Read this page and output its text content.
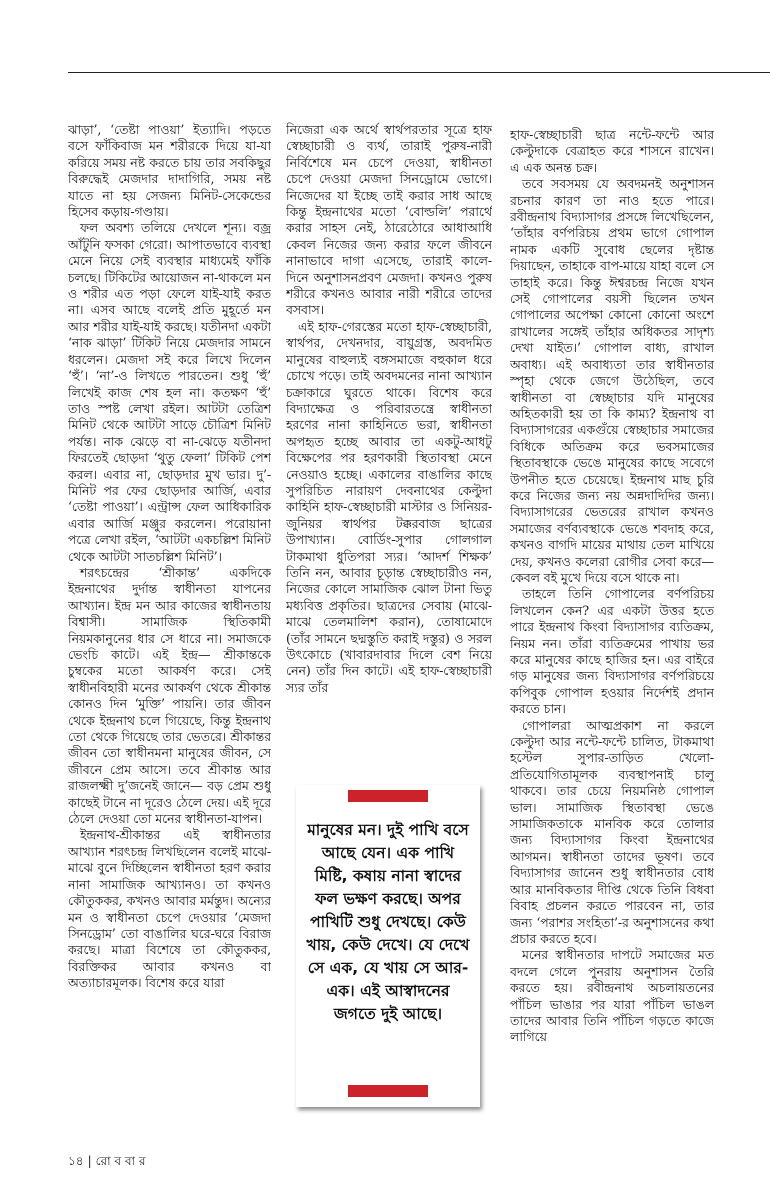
ঝাড়া’, ‘তেষ্টা পাওয়া’ ইত্যাদি। পড়তে বসে ফাঁকিবাজ মন শরীরকে দিয়ে যা-যা করিয়ে সময় নষ্ট করতে চায় তার সবকিছুর বিরুদ্ধেই মেজদার দাদাগিরি, সময় নষ্ট যাতে না হয় সেজন্য মিনিট-সেকেন্ডের হিসেব কড়ায়-গণ্ডায়।

ফল অবশ্য তলিয়ে দেখলে শূন্য। বজ্র আঁটুনি ফসকা গেরো। আপাতভাবে ব্যবস্থা মেনে নিয়ে সেই ব্যবস্থার মাধ্যমেই ফাঁকি চলছে। টিকিটের আয়োজন না-থাকলে মন ও শরীর এত পড়া ফেলে যাই-যাই করত না। এসব আছে বলেই প্রতি মুহূর্তে মন আর শরীর যাই-যাই করছে। যতীনদা একটা ‘নাক ঝাড়া’ টিকিট নিয়ে মেজদার সামনে ধরলেন। মেজদা সই করে লিখে দিলেন ‘হুঁ’। ‘না’-ও লিখতে পারতেন। শুধু ‘হুঁ’ লিখেই কাজ শেষ হল না। কতক্ষণ ‘হুঁ’ তাও স্পষ্ট লেখা রইল। আটটা তেত্রিশ মিনিট থেকে আটটা সাড়ে চৌত্রিশ মিনিট পর্যন্ত। নাক ঝেড়ে বা না-ঝেড়ে যতীনদা ফিরতেই ছোড়দা ‘থুতু ফেলা’ টিকিট পেশ করল। এবার না, ছোড়দার মুখ ভার। দু’-মিনিট পর ফের ছোড়দার আর্জি, এবার ‘তেষ্টা পাওয়া’। এন্ট্রান্স ফেল আধিকারিক এবার আর্জি মঞ্জুর করলেন। পরোয়ানা পত্রে লেখা রইল, ‘আটটা একচল্লিশ মিনিট থেকে আটটা সাতচল্লিশ মিনিট’।

শরৎচন্দ্রের ‘শ্রীকান্ত’ একদিকে ইন্দ্রনাথের দুর্দান্ত স্বাধীনতা যাপনের আখ্যান। ইন্দ্র মন আর কাজের স্বাধীনতায় বিশ্বাসী। সামাজিক স্থিতিকামী নিয়মকানুনের ধার সে ধারে না। সমাজকে ভেংচি কাটে। এই ইন্দ্র— শ্রীকান্তকে চুম্বকের মতো আকর্ষণ করে। সেই স্বাধীনবিহারী মনের আকর্ষণ থেকে শ্রীকান্ত কোনও দিন ‘মুক্তি’ পায়নি। তার জীবন থেকে ইন্দ্রনাথ চলে গিয়েছে, কিন্তু ইন্দ্রনাথ তো থেকে গিয়েছে তার ভেতরে। শ্রীকান্তর জীবন তো স্বাধীনমনা মানুষের জীবন, সে জীবনে প্রেম আসে। তবে শ্রীকান্ত আর রাজলক্ষ্মী দু’জনেই জানে— বড় প্রেম শুধু কাছেই টানে না দূরেও ঠেলে দেয়। এই দূরে ঠেলে দেওয়া তো মনের স্বাধীনতা-যাপন।

ইন্দ্রনাথ-শ্রীকান্তর এই স্বাধীনতার আখ্যান শরৎচন্দ্র লিখছিলেন বলেই মাঝে-মাঝে বুনে দিচ্ছিলেন স্বাধীনতা হরণ করার নানা সামাজিক আখ্যানও। তা কখনও কৌতুককর, কখনও আবার মর্মন্তুদ। অন্যের মন ও স্বাধীনতা চেপে দেওয়ার ‘মেজদা সিনড্রোম’ তো বাঙালির ঘরে-ঘরে বিরাজ করছে। মাত্রা বিশেষে তা কৌতুককর, বিরক্তিকর আবার কখনও বা অত্যাচারমূলক। বিশেষ করে যারা

নিজেরা এক অর্থে স্বার্থপরতার সূত্রে হাফ স্বেচ্ছাচারী ও ব্যর্থ, তারাই পুরুষ-নারী নির্বিশেষে মন চেপে দেওয়া, স্বাধীনতা চেপে দেওয়া মেজদা সিনড্রোমে ভোগে। নিজেদের যা ইচ্ছে তাই করার সাধ আছে কিন্তু ইন্দ্রনাথের মতো ‘বোল্ডলি’ পরার্থে করার সাহস নেই, ঠারেঠোরে আধাআধি কেবল নিজের জন্য করার ফলে জীবনে নানাভাবে দাগা এসেছে, তারাই কালে-দিনে অনুশাসনপ্রবণ মেজদা। কখনও পুরুষ শরীরে কখনও আবার নারী শরীরে তাদের বসবাস।

এই হাফ-গেরস্তের মতো হাফ-স্বেচ্ছাচারী, স্বার্থপর, দেখনদার, বায়ুগ্রস্ত, অবদমিত মানুষের বাহুল্যই বঙ্গসমাজে বহুকাল ধরে চোখে পড়ে। তাই অবদমনের নানা আখ্যান চক্রাকারে ঘুরতে থাকে। বিশেষ করে বিদ্যাক্ষেত্র ও পরিবারতন্ত্রে স্বাধীনতা হরণের নানা কাহিনিতে ভরা, স্বাধীনতা অপহৃত হচ্ছে আবার তা একটু-আধটু বিক্ষেপের পর হরণকারী স্থিতাবস্থা মেনে নেওয়াও হচ্ছে। একালের বাঙালির কাছে সুপরিচিত নারায়ণ দেবনাথের কেল্টুদা কাহিনি হাফ-স্বেচ্ছাচারী মাস্টার ও সিনিয়র-জুনিয়র স্বার্থপর টক্করবাজ ছাত্রের উপাখ্যান। বোর্ডিং-সুপার গোলগাল টাকমাথা ধুতিপরা স্যর। ‘আদর্শ শিক্ষক’ তিনি নন, আবার চূড়ান্ত স্বেচ্ছাচারীও নন, নিজের কোলে সামাজিক ঝোল টানা ভিতু মধ্যবিত্ত প্রকৃতির। ছাত্রদের সেবায় (মাঝে-মাঝে তেলমালিশ করান), তোষামোদে (তাঁর সামনে ছদ্মস্তুতি করাই দস্তুর) ও সরল উৎকোচে (খাবারদাবার দিলে বেশ নিয়ে নেন) তাঁর দিন কাটে। এই হাফ-স্বেচ্ছাচারী স্যর তাঁর

মানুষের মন। দুই পাখি বসে আছে যেন। এক পাখি মিষ্টি, কষায় নানা স্বাদের ফল ভক্ষণ করছে। অপর পাখিটি শুধু দেখছে। কেউ খায়, কেউ দেখে। যে দেখে সে এক, যে খায় সে আর-এক। এই আস্বাদনের জগতে দুই আছে।

হাফ-স্বেচ্ছাচারী ছাত্র নন্টে-ফন্টে আর কেল্টুদাকে বেত্রাহত করে শাসনে রাখেন। এ এক অনন্ত চক্র।

তবে সবসময় যে অবদমনই অনুশাসন রচনার কারণ তা নাও হতে পারে। রবীন্দ্রনাথ বিদ্যাসাগর প্রসঙ্গে লিখেছিলেন, ‘তাঁহার বর্ণপরিচয় প্রথম ভাগে গোপাল নামক একটি সুবোধ ছেলের দৃষ্টান্ত দিয়াছেন, তাহাকে বাপ-মায়ে যাহা বলে সে তাহাই করে। কিন্তু ঈশ্বরচন্দ্র নিজে যখন সেই গোপালের বয়সী ছিলেন তখন গোপালের অপেক্ষা কোনো কোনো অংশে রাখালের সঙ্গেই তাঁহার অধিকতর সাদৃশ্য দেখা যাইত।’ গোপাল বাধ্য, রাখাল অবাধ্য। এই অবাধ্যতা তার স্বাধীনতার স্পৃহা থেকে জেগে উঠেছিল, তবে স্বাধীনতা বা স্বেচ্ছাচার যদি মানুষের অহিতকারী হয় তা কি কাম্য? ইন্দ্রনাথ বা বিদ্যাসাগরের একগুঁয়ে স্বেচ্ছাচার সমাজের বিধিকে অতিক্রম করে ভবসমাজের স্থিতাবস্থাকে ভেঙে মানুষের কাছে সবেগে উপনীত হতে চেয়েছে। ইন্দ্রনাথ মাছ চুরি করে নিজের জন্য নয় অন্নদাদিদির জন্য। বিদ্যাসাগরের ভেতরের রাখাল কখনও সমাজের বর্ণব্যবস্থাকে ভেঙে শবদাহ করে, কখনও বাগদি মায়ের মাথায় তেল মাখিয়ে দেয়, কখনও কলেরা রোগীর সেবা করে— কেবল বই মুখে দিয়ে বসে থাকে না।

তাহলে তিনি গোপালের বর্ণপরিচয় লিখলেন কেন? এর একটা উত্তর হতে পারে ইন্দ্রনাথ কিংবা বিদ্যাসাগর ব্যতিক্রম, নিয়ম নন। তাঁরা ব্যতিক্রমের পাখায় ভর করে মানুষের কাছে হাজির হন। এর বাইরে গড় মানুষের জন্য বিদ্যাসাগর বর্ণপরিচয়ে কপিবুক গোপাল হওয়ার নির্দেশই প্রদান করতে চান।

গোপালরা আত্মপ্রকাশ না করলে কেল্টুদা আর নন্টে-ফন্টে চালিত, টাকমাথা হস্টেল সুপার-তাড়িত খেলো-প্রতিযোগিতামূলক ব্যবস্থাপনাই চালু থাকবে। তার চেয়ে নিয়মনিষ্ঠ গোপাল ভাল। সামাজিক স্থিতাবস্থা ভেঙে সামাজিকতাকে মানবিক করে তোলার জন্য বিদ্যাসাগর কিংবা ইন্দ্রনাথের আগমন। স্বাধীনতা তাদের ভূষণ। তবে বিদ্যাসাগর জানেন শুধু স্বাধীনতার বোধ আর মানবিকতার দীপ্তি থেকে তিনি বিধবা বিবাহ প্রচলন করতে পারবেন না, তার জন্য ‘পরাশর সংহিতা’-র অনুশাসনের কথা প্রচার করতে হবে।

মনের স্বাধীনতার দাপটে সমাজের মত বদলে গেলে পুনরায় অনুশাসন তৈরি করতে হয়। রবীন্দ্রনাথ অচলায়তনের পাঁচিল ভাঙার পর যারা পাঁচিল ভাঙল তাদের আবার তিনি পাঁচিল গড়তে কাজে লাগিয়ে

১৪ | রো ব বা র
